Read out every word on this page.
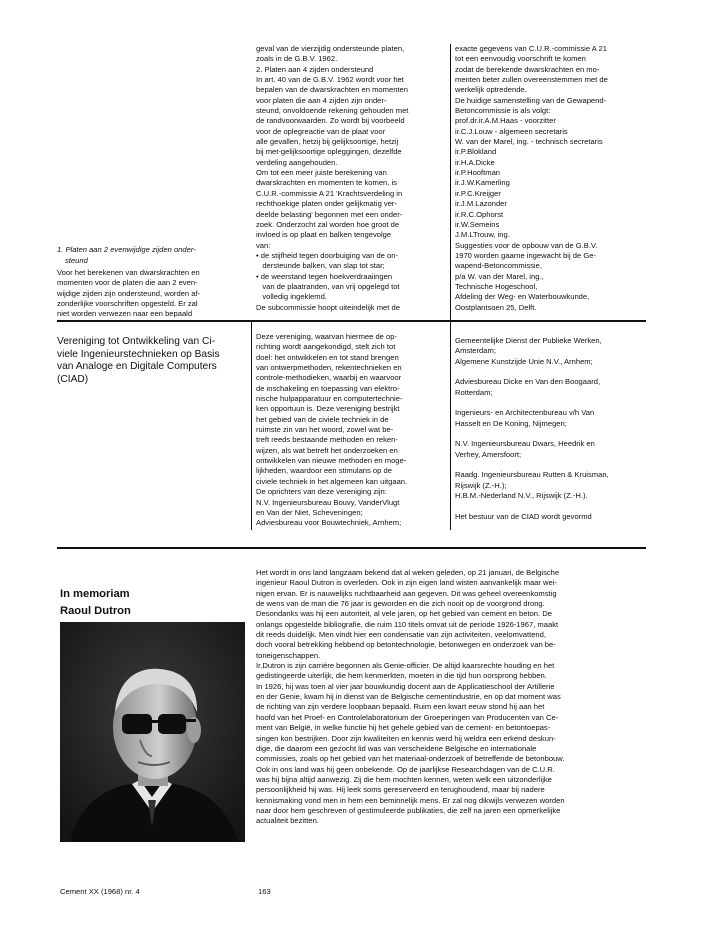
1. Platen aan 2 evenwijdige zijden onder-
steund
Voor het berekenen van dwarskrachten en
momenten voor de platen die aan 2 even-
wijdige zijden zijn ondersteund, worden af-
zonderlijke voorschriften opgesteld. Er zal
niet worden verwezen naar een bepaald
geval van de vierzijdig ondersteunde platen,
zoals in de G.B.V. 1962.
2. Platen aan 4 zijden ondersteund
In art. 40 van de G.B.V. 1962 wordt voor het
bepalen van de dwarskrachten en momenten
voor platen die aan 4 zijden zijn onder-
steund, onvoldoende rekening gehouden met
de randvoorwaarden. Zo wordt bij voorbeeld
voor de oplegreactie van de plaat voor
alle gevallen, hetzij bij gelijksoortige, hetzij
bij met-gelijksoortige opleggingen, dezelfde
verdeling aangehouden.
Om tot een meer juiste berekening van
dwarskrachten en momenten te komen, is
C.U.R.-commissie A 21 'Krachtsverdeling in
rechthoekige platen onder gelijkmatig ver-
deelde belasting' begonnen met een onder-
zoek. Onderzocht zal worden hoe groot de
invloed is op plaat en balken tengevolge
van:
• de stijfheid tegen doorbuiging van de on-
dersteunde balken, van slap tot star;
• de weerstand tegen hoekverdraaiingen
van de plaatranden, van vrij opgelegd tot
volledig ingeklemd.
De subcommissie hoopt uiteindelijk met de
exacte gegevens van C.U.R.-commissie A 21
tot een eenvoudig voorschrift te komen
zodat de berekende dwarskrachten en mo-
menten beter zullen overeenstemmen met de
werkelijk optredende.
De huidige samenstelling van de Gewapend-
Betoncommissie is als volgt:
prof.dr.ir.A.M.Haas - voorzitter
ir.C.J.Louw - algemeen secretaris
W. van der Marel, ing. - technisch secretaris
ir.P.Blokland
ir.H.A.Dicke
ir.P.Hooftman
ir.J.W.Kamerling
ir.P.C.Kreijger
ir.J.M.Lazonder
ir.R.C.Ophorst
ir.W.Semeins
J.M.LTrouw, ing.
Suggesties voor de opbouw van de G.B.V.
1970 worden gaarne ingewacht bij de Ge-
wapend-Betoncommissie,
p/a W. van der Marel, ing.,
Technische Hogeschool,
Afdeling der Weg- en Waterbouwkunde,
Oostplantsoen 25, Delft.
Vereniging tot Ontwikkeling van Ci-
viele Ingenieurstechnieken op Basis
van Analoge en Digitale Computers
(CIAD)
Deze vereniging, waarvan hiermee de op-
richting wordt aangekondigd, stelt zich tot
doel: het ontwikkelen en tot stand brengen
van ontwerpmethoden, rekentechnieken en
controle-methodieken, waarbij en waarvoor
de inschakeling en toepassing van elektro-
nische hulpapparatuur en computertechnie-
ken opportuun is. Deze vereniging bestrijkt
het gebied van de civiele techniek in de
ruimste zin van het woord, zowel wat be-
treft reeds bestaande methoden en reken-
wijzen, als wat betreft het onderzoeken en
ontwikkelen van nieuwe methoden en moge-
lijkheden, waardoor een stimulans op de
civiele techniek in het algemeen kan uitgaan.
De oprichters van deze vereniging zijn:
N.V. Ingenieursbureau Bouvy, VanderVlugt
en Van der Niet, Scheveningen;
Adviesbureau voor Bouwtechniek, Arnhem;
Gemeentelijke Dienst der Publieke Werken,
Amsterdam;
Algemene Kunstzijde Unie N.V., Arnhem;

Adviesbureau Dicke en Van den Boogaard,
Rotterdam;

Ingenieurs- en Architectenbureau v/h Van
Hasselt en De Koning, Nijmegen;

N.V. Ingenieursbureau Dwars, Heedrik en
Verhey, Amersfoort;

Raadg. Ingenieursbureau Rutten & Kruisman,
Rijswijk (Z.-H.);
H.B.M.-Nederland N.V., Rijswijk (Z.-H.).

Het bestuur van de CIAD wordt gevormd
In memoriam
Raoul Dutron
Het wordt in ons land langzaam bekend dat al weken geleden, op 21 januari, de Belgische
ingenieur Raoul Dutron is overleden. Ook in zijn eigen land wisten aanvankelijk maar wei-
nigen ervan. Er is nauwelijks ruchtbaarheid aan gegeven. Dit was geheel overeenkomstig
de wens van de man die 76 jaar is geworden en die zich nooit op de voorgrond drong.
Desondanks was hij een autoriteit, al vele jaren, op het gebied van cement en beton. De
onlangs opgestelde bibliografie, die ruim 110 titels omvat uit de periode 1926-1967, maakt
dit reeds duidelijk. Men vindt hier een condensatie van zijn activiteiten, veelomvattend,
doch vooral betrekking hebbend op betontechnologie, betonwegen en onderzoek van be-
toneigenschappen.
Ir.Dutron is zijn carrière begonnen als Genie-officier. De altijd kaarsrechte houding en het
gedistingeerde uiterlijk, die hem kenmerkten, moeten in die tijd hun oorsprong hebben.
In 1926, hij was toen al vier jaar bouwkundig docent aan de Applicatieschool der Artillerie
en der Genie, kwam hij in dienst van de Belgische cementindustrie, en op dat moment was
de richting van zijn verdere loopbaan bepaald. Ruim een kwart eeuw stond hij aan het
hoofd van het Proef- en Controlelaboratorium der Groeperingen van Producenten van Ce-
ment van België, in welke functie hij het gehele gebied van de cement- en betontoepas-
singen kon bestrijken. Door zijn kwaliteiten en kennis werd hij weldra een erkend deskun-
dige, die daarom een gezocht lid was van verscheidene Belgische en internationale
commissies, zoals op het gebied van het materiaal-onderzoek of betreffende de betonbouw.
Ook in ons land was hij geen onbekende. Op de jaarlijkse Researchdagen van de C.U.R.
was hij bijna altijd aanwezig. Zij die hem mochten kennen, weten welk een uitzonderlijke
persoonlijkheid hij was. Hij leek soms gereserveerd en terughoudend, maar bij nadere
kennismaking vond men in hem een beminnelijk mens. Er zal nog dikwijls verwezen worden
naar door hem geschreven of gestimuleerde publikaties, die zelf na jaren een opmerkelijke
actualiteit bezitten.
Cement XX (1968) nr. 4	163
